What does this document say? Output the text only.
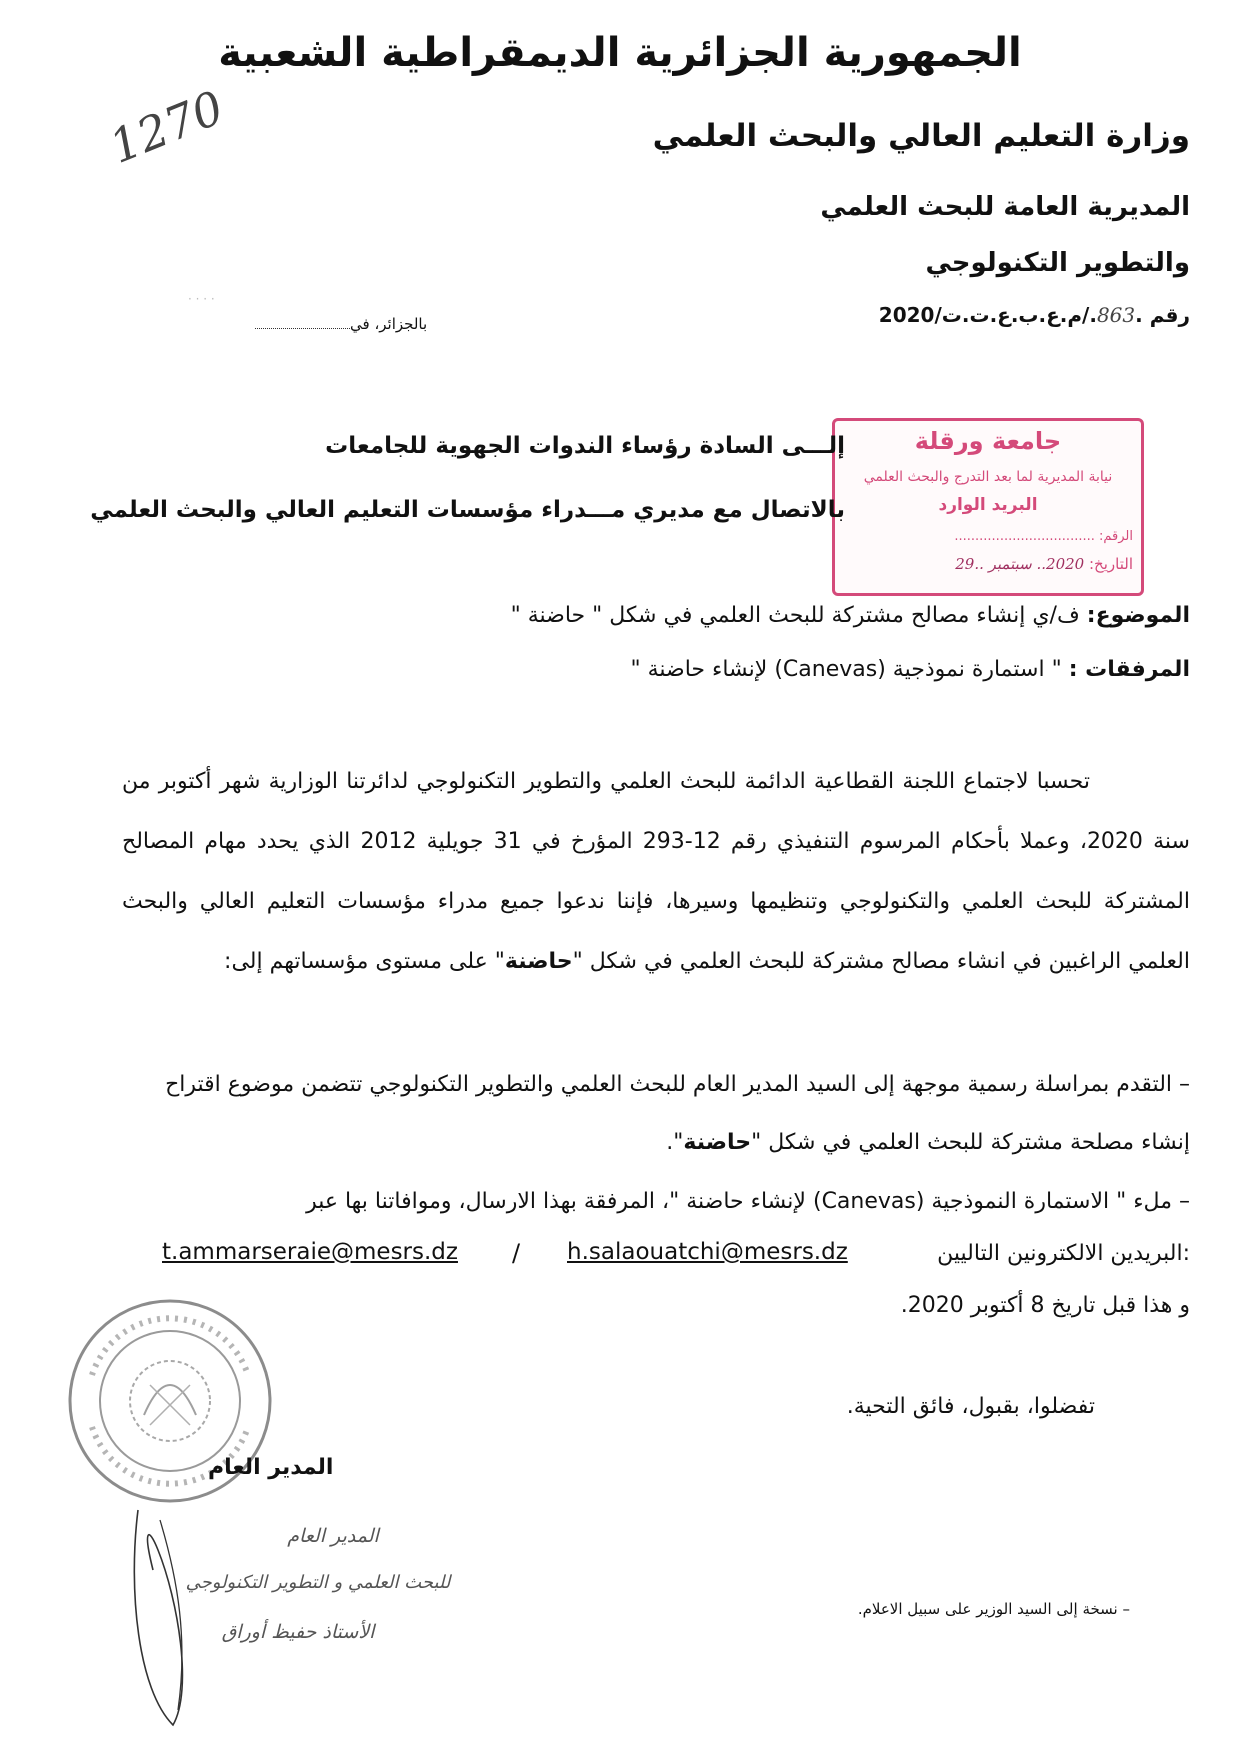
الجمهورية الجزائرية الديمقراطية الشعبية
وزارة التعليم العالي والبحث العلمي
المديرية العامة للبحث العلمي
والتطوير التكنولوجي
رقم .863./م.ع.ب.ع.ت.ت/2020
بالجزائر، في
1270
· · · ·
جامعة ورقلة
نيابة المديرية لما بعد التدرج والبحث العلمي
البريد الوارد
الرقم: ..................................
التاريخ: 2020.. سبتمبر ..29
إلـــى السادة رؤساء الندوات الجهوية للجامعات
بالاتصال مع مديري مـــدراء مؤسسات التعليم العالي والبحث العلمي
الموضوع: ف/ي إنشاء مصالح مشتركة للبحث العلمي في شكل " حاضنة "
المرفقات : " استمارة نموذجية (Canevas) لإنشاء حاضنة "

تحسبا لاجتماع اللجنة القطاعية الدائمة للبحث العلمي والتطوير التكنولوجي لدائرتنا الوزارية شهر أكتوبر من سنة 2020، وعملا بأحكام المرسوم التنفيذي رقم 12-293 المؤرخ في 31 جويلية 2012 الذي يحدد مهام المصالح المشتركة للبحث العلمي والتكنولوجي وتنظيمها وسيرها، فإننا ندعوا جميع مدراء مؤسسات التعليم العالي والبحث العلمي الراغبين في انشاء مصالح مشتركة للبحث العلمي في شكل "حاضنة" على مستوى مؤسساتهم إلى:

– التقدم بمراسلة رسمية موجهة إلى السيد المدير العام للبحث العلمي والتطوير التكنولوجي تتضمن موضوع اقتراح إنشاء مصلحة مشتركة للبحث العلمي في شكل "حاضنة".
– ملء " الاستمارة النموذجية (Canevas) لإنشاء حاضنة "، المرفقة بهذا الارسال، وموافاتنا بها عبر
البريدين الالكترونين التاليين:
h.salaouatchi@mesrs.dz
/
t.ammarseraie@mesrs.dz
و هذا قبل تاريخ 8 أكتوبر 2020.
تفضلوا، بقبول، فائق التحية.
المدير العام
المدير العام
للبحث العلمي و التطوير التكنولوجي
الأستاذ حفيظ أوراق
– نسخة إلى السيد الوزير على سبيل الاعلام.
